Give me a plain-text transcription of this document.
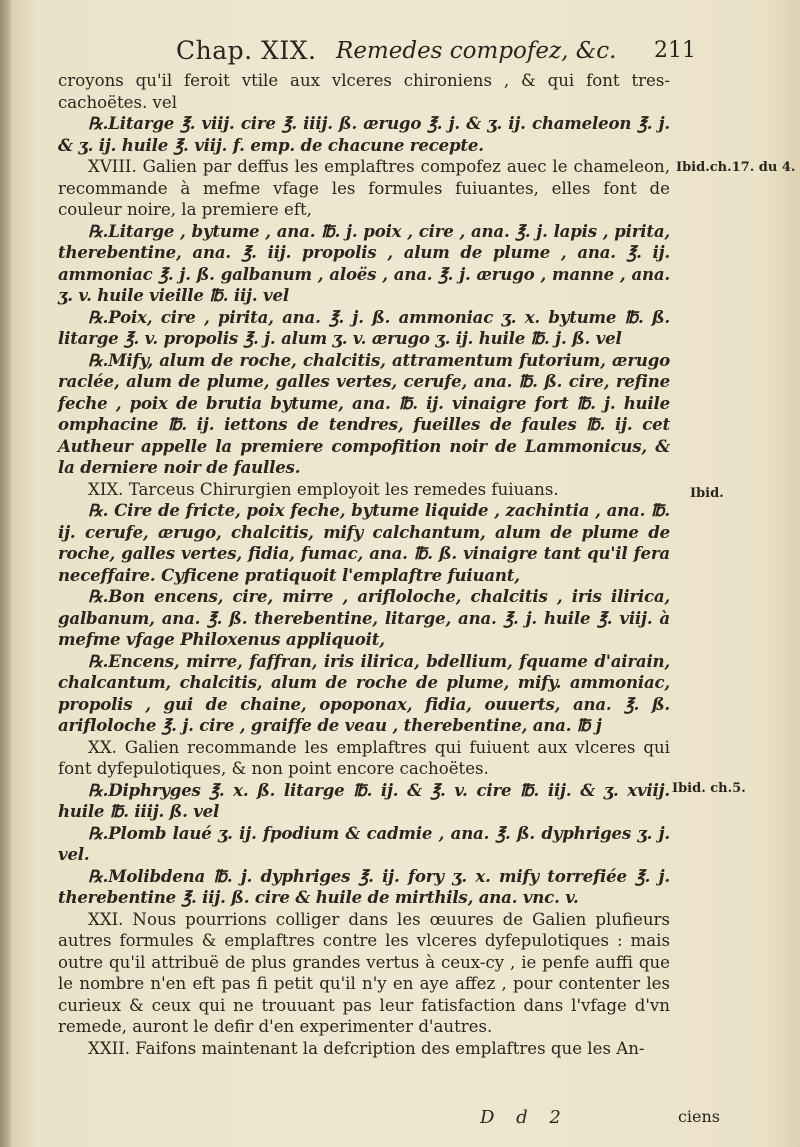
Chap. XIX. Remedes compofez, &c. 211
Ibid.ch.17. du 4.
Ibid.
Ibid. ch.5.

croyons qu'il feroit vtile aux vlceres chironiens , & qui font tres-cachoëtes. vel

℞.Litarge ℥. viij. cire ℥. iiij. ß. ærugo ℥. j. & ʒ. ij. chameleon ℥. j. & ʒ. ij. huile ℥. viij. f. emp. de chacune recepte.

XVIII. Galien par deffus les emplaftres compofez auec le chameleon, recommande à mefme vfage les formules fuiuantes, elles font de couleur noire, la premiere eft,

℞.Litarge , bytume , ana. ℔. j. poix , cire , ana. ℥. j. lapis , pirita, therebentine, ana. ℥. iij. propolis , alum de plume , ana. ℥. ij. ammoniac ℥. j. ß. galbanum , aloës , ana. ℥. j. ærugo , manne , ana. ʒ. v. huile vieille ℔. iij. vel

℞.Poix, cire , pirita, ana. ℥. j. ß. ammoniac ʒ. x. bytume ℔. ß. litarge ℥. v. propolis ℥. j. alum ʒ. v. ærugo ʒ. ij. huile ℔. j. ß. vel

℞.Mify, alum de roche, chalcitis, attramentum futorium, ærugo raclée, alum de plume, galles vertes, cerufe, ana. ℔. ß. cire, refine feche , poix de brutia bytume, ana. ℔. ij. vinaigre fort ℔. j. huile omphacine ℔. ij. iettons de tendres, fueilles de faules ℔. ij. cet Autheur appelle la premiere compofition noir de Lammonicus, & la derniere noir de faulles.

XIX. Tarceus Chirurgien employoit les remedes fuiuans.

℞. Cire de fricte, poix feche, bytume liquide , zachintia , ana. ℔. ij. cerufe, ærugo, chalcitis, mify calchantum, alum de plume de roche, galles vertes, fidia, fumac, ana. ℔. ß. vinaigre tant qu'il fera neceffaire. Cyficene pratiquoit l'emplaftre fuiuant,

℞.Bon encens, cire, mirre , arifloloche, chalcitis , iris ilirica, galbanum, ana. ℥. ß. therebentine, litarge, ana. ℥. j. huile ℥. viij. à mefme vfage Philoxenus appliquoit,

℞.Encens, mirre, faffran, iris ilirica, bdellium, fquame d'airain, chalcantum, chalcitis, alum de roche de plume, mify. ammoniac, propolis , gui de chaine, opoponax, fidia, ouuerts, ana. ℥. ß. arifloloche ℥. j. cire , graiffe de veau , therebentine, ana. ℔ j

XX. Galien recommande les emplaftres qui fuiuent aux vlceres qui font dyfepulotiques, & non point encore cachoëtes.

℞.Diphryges ℥. x. ß. litarge ℔. ij. & ℥. v. cire ℔. iij. & ʒ. xviij. huile ℔. iiij. ß. vel

℞.Plomb laué ʒ. ij. fpodium & cadmie , ana. ℥. ß. dyphriges ʒ. j. vel.

℞.Molibdena ℔. j. dyphriges ℥. ij. fory ʒ. x. mify torrefiée ℥. j. therebentine ℥. iij. ß. cire & huile de mirthils, ana. vnc. v.

XXI. Nous pourrions colliger dans les œuures de Galien plufieurs autres formules & emplaftres contre les vlceres dyfepulotiques : mais outre qu'il attribuë de plus grandes vertus à ceux-cy , ie penfe auffi que le nombre n'en eft pas fi petit qu'il n'y en aye affez , pour contenter les curieux & ceux qui ne trouuant pas leur fatisfaction dans l'vfage d'vn remede, auront le defir d'en experimenter d'autres.

XXII. Faifons maintenant la defcription des emplaftres que les An-

D d 2	ciens
